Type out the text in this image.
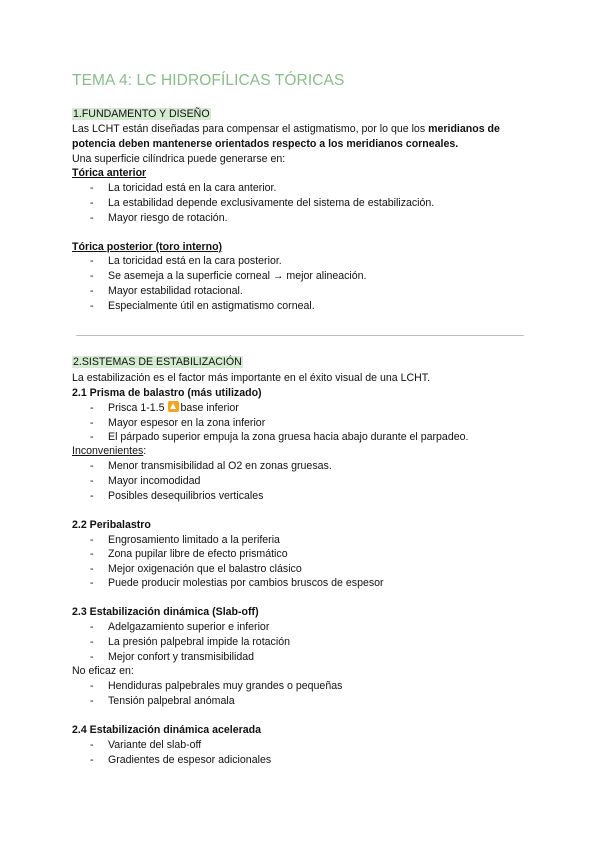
TEMA 4: LC HIDROFÍLICAS TÓRICAS
1.FUNDAMENTO Y DISEÑO
Las LCHT están diseñadas para compensar el astigmatismo, por lo que los meridianos de
potencia deben mantenerse orientados respecto a los meridianos corneales.
Una superficie cilíndrica puede generarse en:
Tórica anterior
- La toricidad está en la cara anterior.
- La estabilidad depende exclusivamente del sistema de estabilización.
- Mayor riesgo de rotación.
Tórica posterior (toro interno)
- La toricidad está en la cara posterior.
- Se asemeja a la superficie corneal → mejor alineación.
- Mayor estabilidad rotacional.
- Especialmente útil en astigmatismo corneal.
2.SISTEMAS DE ESTABILIZACIÓN
La estabilización es el factor más importante en el éxito visual de una LCHT.
2.1 Prisma de balastro (más utilizado)
- Prisca 1-1.5 base inferior
- Mayor espesor en la zona inferior
- El párpado superior empuja la zona gruesa hacia abajo durante el parpadeo.
Inconvenientes:
- Menor transmisibilidad al O2 en zonas gruesas.
- Mayor incomodidad
- Posibles desequilibrios verticales
2.2 Peribalastro
- Engrosamiento limitado a la periferia
- Zona pupilar libre de efecto prismático
- Mejor oxigenación que el balastro clásico
- Puede producir molestias por cambios bruscos de espesor
2.3 Estabilización dinámica (Slab-off)
- Adelgazamiento superior e inferior
- La presión palpebral impide la rotación
- Mejor confort y transmisibilidad
No eficaz en:
- Hendiduras palpebrales muy grandes o pequeñas
- Tensión palpebral anómala
2.4 Estabilización dinámica acelerada
- Variante del slab-off
- Gradientes de espesor adicionales
